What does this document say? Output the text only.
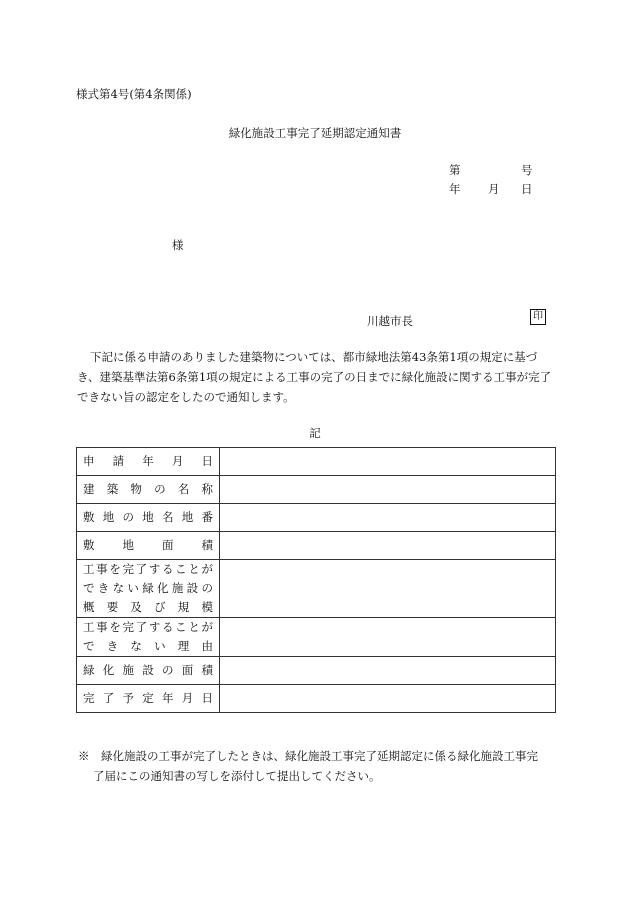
様式第4号(第4条関係)
緑化施設工事完了延期認定通知書
第	号
年 月 日
様
川越市長	印
下記に係る申請のありました建築物については、都市緑地法第43条第1項の規定に基づき、建築基準法第6条第1項の規定による工事の完了の日までに緑化施設に関する工事が完了できない旨の認定をしたので通知します。
記
申請年月日	

建築物の名称	

敷地の地名地番	

敷地面積	

工事を完了することが
できない緑化施設の
概要及び規模	

工事を完了することが
できない理由	

緑化施設の面積	

完了予定年月日	

※　緑化施設の工事が完了したときは、緑化施設工事完了延期認定に係る緑化施設工事完
了届にこの通知書の写しを添付して提出してください。
